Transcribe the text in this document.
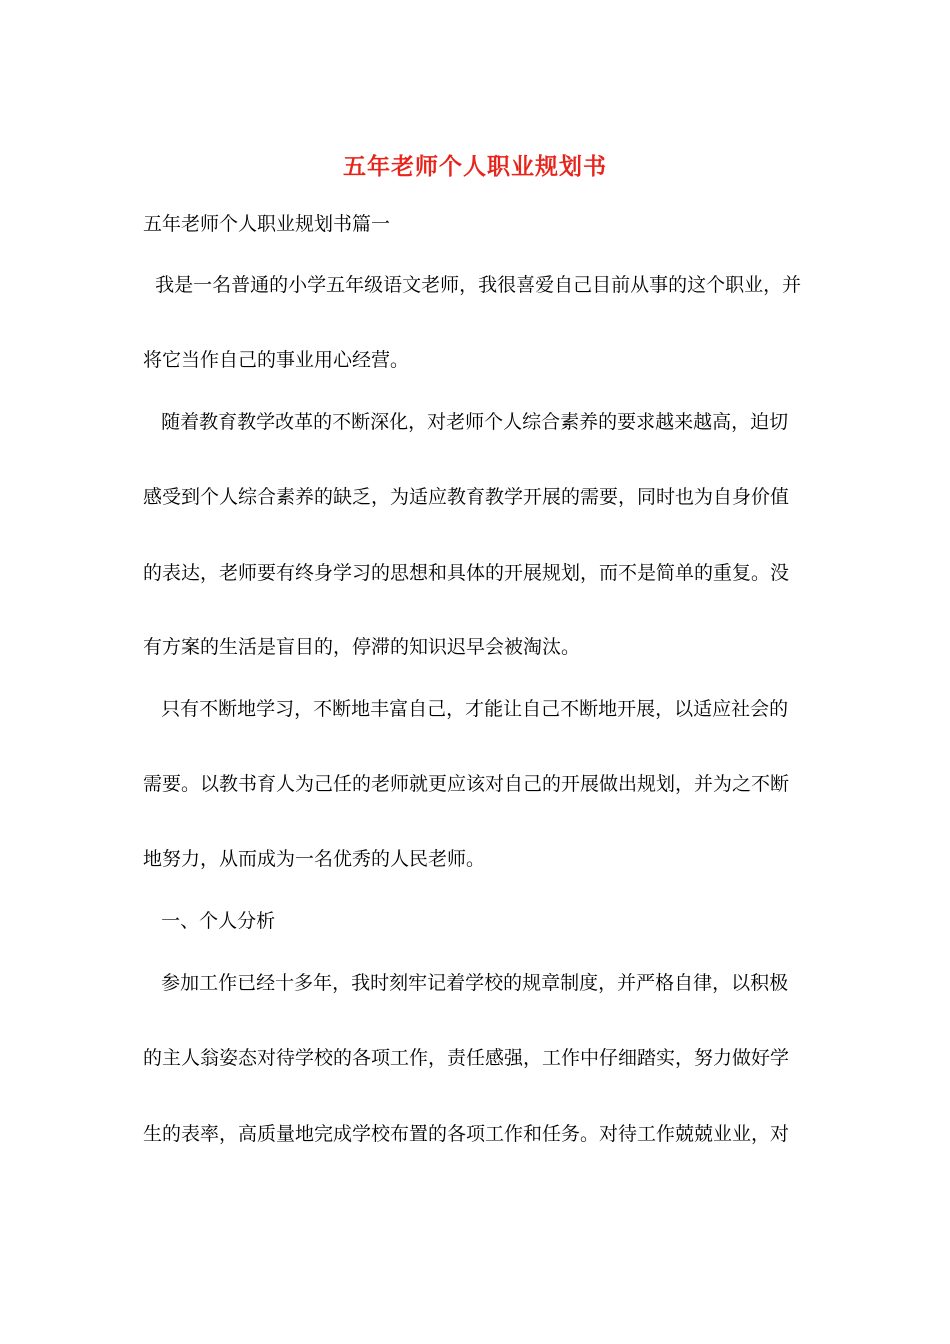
五年老师个人职业规划书
五年老师个人职业规划书篇一
我是一名普通的小学五年级语文老师，我很喜爱自己目前从事的这个职业，并
将它当作自己的事业用心经营。
随着教育教学改革的不断深化，对老师个人综合素养的要求越来越高，迫切
感受到个人综合素养的缺乏，为适应教育教学开展的需要，同时也为自身价值
的表达，老师要有终身学习的思想和具体的开展规划，而不是简单的重复。没
有方案的生活是盲目的，停滞的知识迟早会被淘汰。
只有不断地学习，不断地丰富自己，才能让自己不断地开展，以适应社会的
需要。以教书育人为己任的老师就更应该对自己的开展做出规划，并为之不断
地努力，从而成为一名优秀的人民老师。
一、个人分析
参加工作已经十多年，我时刻牢记着学校的规章制度，并严格自律，以积极
的主人翁姿态对待学校的各项工作，责任感强，工作中仔细踏实，努力做好学
生的表率，高质量地完成学校布置的各项工作和任务。对待工作兢兢业业，对
